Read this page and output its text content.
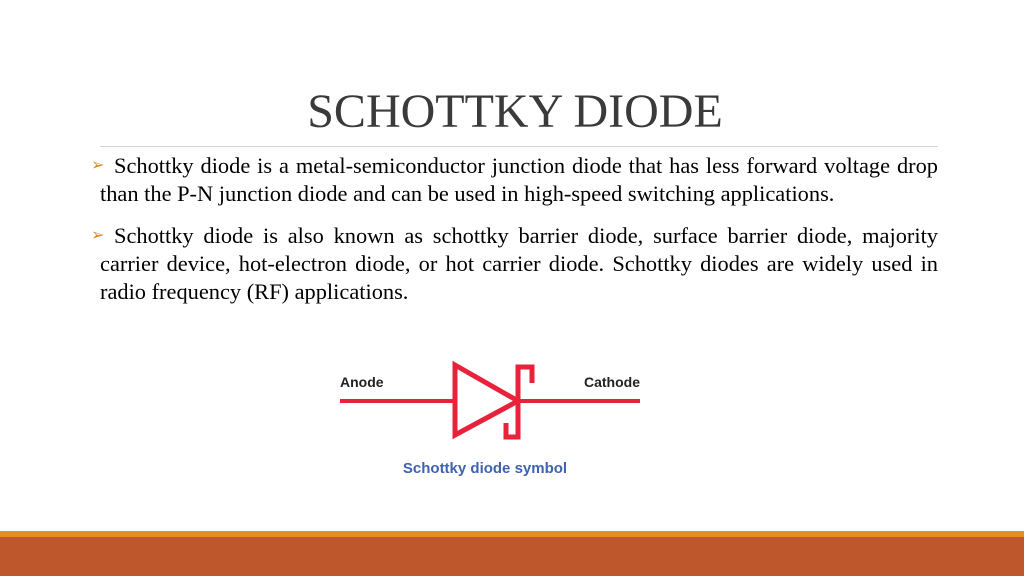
SCHOTTKY DIODE
➢ Schottky diode is a metal-semiconductor junction diode that has less forward voltage drop than the P-N junction diode and can be used in high-speed switching applications.
➢ Schottky diode is also known as schottky barrier diode, surface barrier diode, majority carrier device, hot-electron diode, or hot carrier diode. Schottky diodes are widely used in radio frequency (RF) applications.
Anode	Cathode
Schottky diode symbol
